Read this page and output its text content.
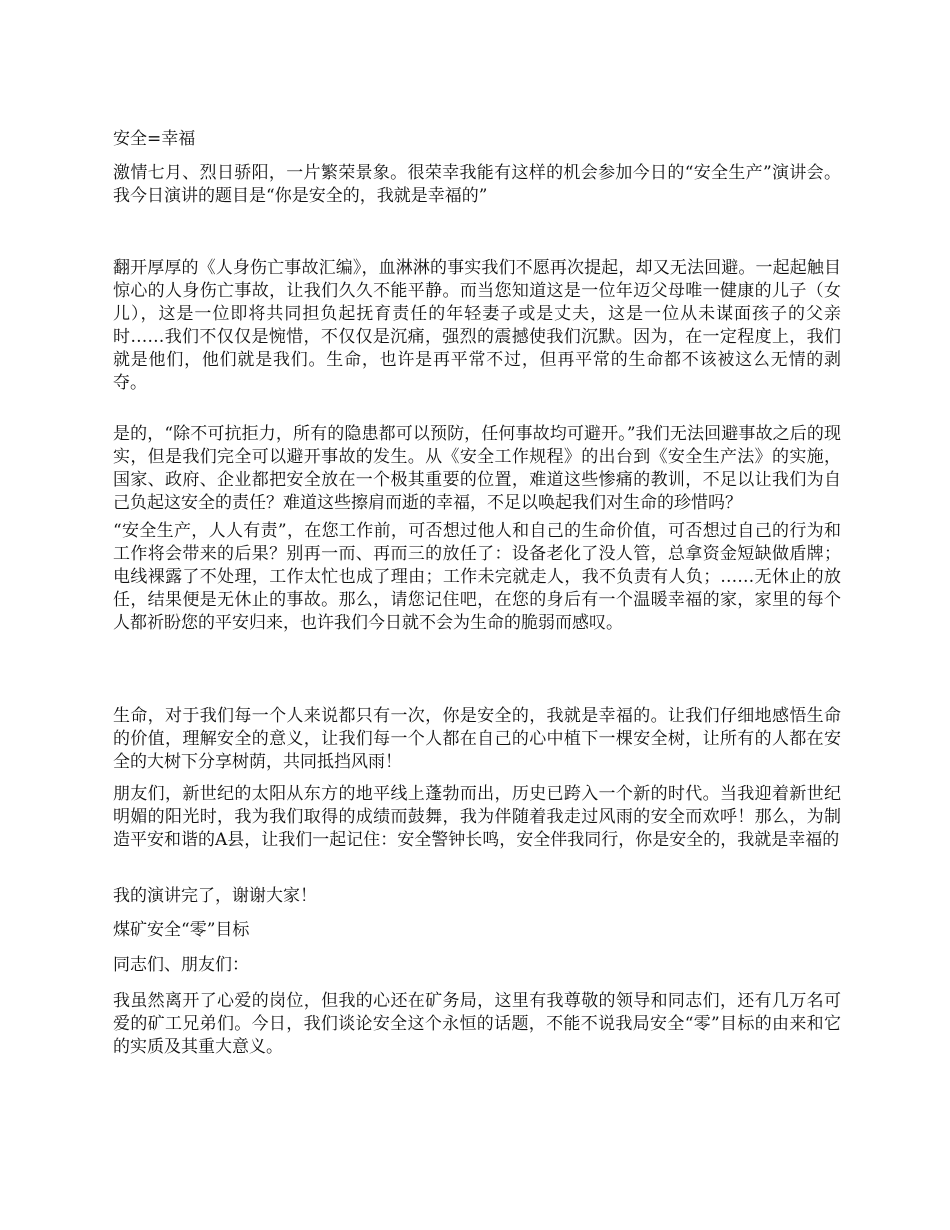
安全=幸福

激情七月、烈日骄阳，一片繁荣景象。很荣幸我能有这样的机会参加今日的“安全生产”演讲会。我今日演讲的题目是“你是安全的，我就是幸福的”

翻开厚厚的《人身伤亡事故汇编》，血淋淋的事实我们不愿再次提起，却又无法回避。一起起触目惊心的人身伤亡事故，让我们久久不能平静。而当您知道这是一位年迈父母唯一健康的儿子（女儿），这是一位即将共同担负起抚育责任的年轻妻子或是丈夫，这是一位从未谋面孩子的父亲时……我们不仅仅是惋惜，不仅仅是沉痛，强烈的震撼使我们沉默。因为，在一定程度上，我们就是他们，他们就是我们。生命，也许是再平常不过，但再平常的生命都不该被这么无情的剥夺。

是的，“除不可抗拒力，所有的隐患都可以预防，任何事故均可避开。”我们无法回避事故之后的现实，但是我们完全可以避开事故的发生。从《安全工作规程》的出台到《安全生产法》的实施，国家、政府、企业都把安全放在一个极其重要的位置，难道这些惨痛的教训，不足以让我们为自己负起这安全的责任？难道这些擦肩而逝的幸福，不足以唤起我们对生命的珍惜吗？

“安全生产，人人有责”，在您工作前，可否想过他人和自己的生命价值，可否想过自己的行为和工作将会带来的后果？别再一而、再而三的放任了：设备老化了没人管，总拿资金短缺做盾牌；电线裸露了不处理，工作太忙也成了理由；工作未完就走人，我不负责有人负；……无休止的放任，结果便是无休止的事故。那么，请您记住吧，在您的身后有一个温暖幸福的家，家里的每个人都祈盼您的平安归来，也许我们今日就不会为生命的脆弱而感叹。

生命，对于我们每一个人来说都只有一次，你是安全的，我就是幸福的。让我们仔细地感悟生命的价值，理解安全的意义，让我们每一个人都在自己的心中植下一棵安全树，让所有的人都在安全的大树下分享树荫，共同抵挡风雨！

朋友们，新世纪的太阳从东方的地平线上蓬勃而出，历史已跨入一个新的时代。当我迎着新世纪明媚的阳光时，我为我们取得的成绩而鼓舞，我为伴随着我走过风雨的安全而欢呼！那么，为制造平安和谐的A县，让我们一起记住：安全警钟长鸣，安全伴我同行，你是安全的，我就是幸福的

我的演讲完了，谢谢大家！

煤矿安全“零”目标

同志们、朋友们：

我虽然离开了心爱的岗位，但我的心还在矿务局，这里有我尊敬的领导和同志们，还有几万名可爱的矿工兄弟们。今日，我们谈论安全这个永恒的话题，不能不说我局安全“零”目标的由来和它的实质及其重大意义。
